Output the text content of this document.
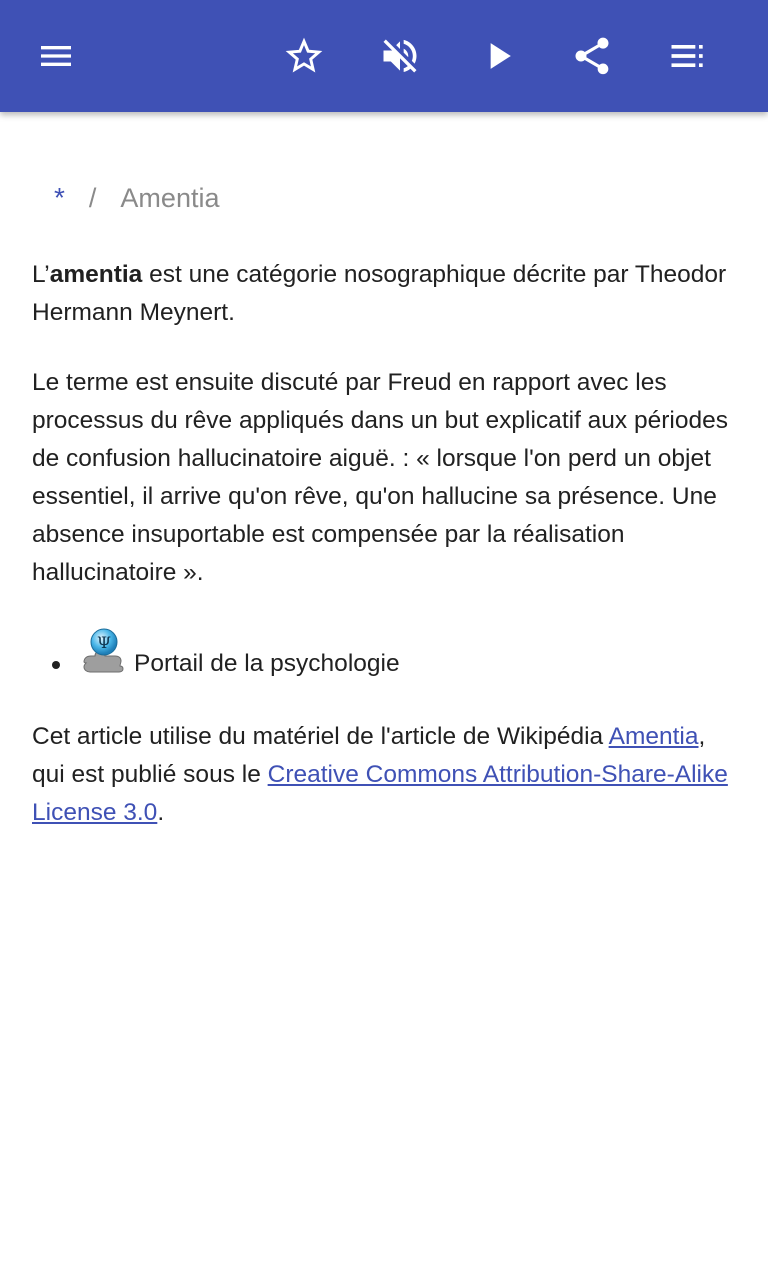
* / Amentia

L’amentia est une catégorie nosographique décrite par Theodor Hermann Meynert.

Le terme est ensuite discuté par Freud en rapport avec les processus du rêve appliqués dans un but explicatif aux périodes de confusion hallucinatoire aiguë. : « lorsque l'on perd un objet essentiel, il arrive qu'on rêve, qu'on hallucine sa présence. Une absence insuportable est compensée par la réalisation hallucinatoire ».

Ψ
Portail de la psychologie

Cet article utilise du matériel de l'article de Wikipédia Amentia, qui est publié sous le Creative Commons Attribution-Share-Alike License 3.0.
